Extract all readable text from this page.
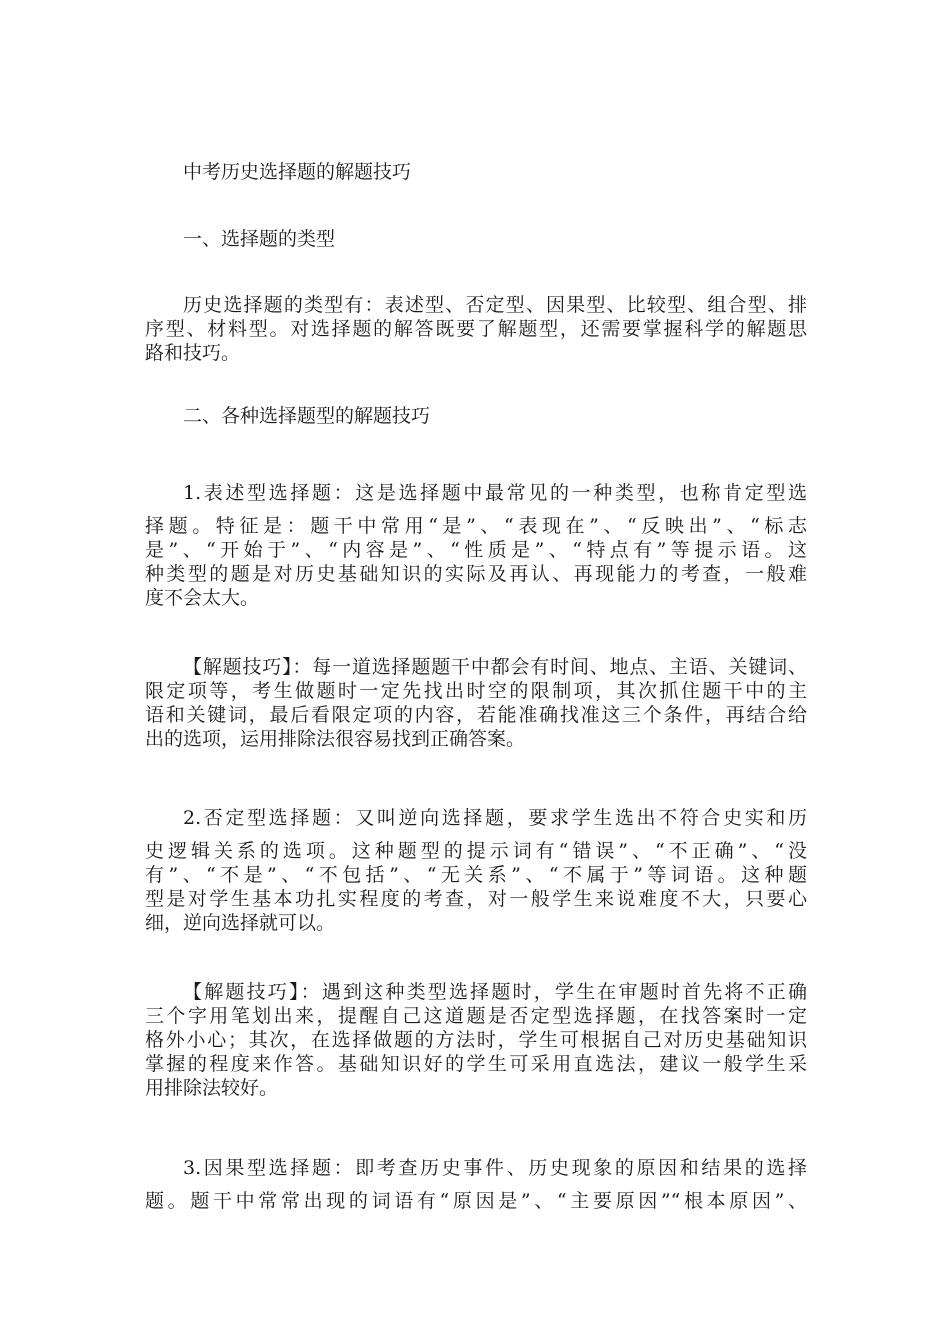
中考历史选择题的解题技巧
一、选择题的类型
历史选择题的类型有：表述型、否定型、因果型、比较型、组合型、排
序型、材料型。对选择题的解答既要了解题型，还需要掌握科学的解题思
路和技巧。
二、各种选择题型的解题技巧
1.表述型选择题：这是选择题中最常见的一种类型，也称肯定型选
择题。特征是：题干中常用“是”、“表现在”、“反映出”、“标志
是”、“开始于”、“内容是”、“性质是”、“特点有”等提示语。这
种类型的题是对历史基础知识的实际及再认、再现能力的考查，一般难
度不会太大。
【解题技巧】：每一道选择题题干中都会有时间、地点、主语、关键词、
限定项等，考生做题时一定先找出时空的限制项，其次抓住题干中的主
语和关键词，最后看限定项的内容，若能准确找准这三个条件，再结合给
出的选项，运用排除法很容易找到正确答案。
2.否定型选择题：又叫逆向选择题，要求学生选出不符合史实和历
史逻辑关系的选项。这种题型的提示词有“错误”、“不正确”、“没
有”、“不是”、“不包括”、“无关系”、“不属于”等词语。这种题
型是对学生基本功扎实程度的考查，对一般学生来说难度不大，只要心
细，逆向选择就可以。
【解题技巧】：遇到这种类型选择题时，学生在审题时首先将不正确
三个字用笔划出来，提醒自己这道题是否定型选择题，在找答案时一定
格外小心；其次，在选择做题的方法时，学生可根据自己对历史基础知识
掌握的程度来作答。基础知识好的学生可采用直选法，建议一般学生采
用排除法较好。
3.因果型选择题：即考查历史事件、历史现象的原因和结果的选择
题。题干中常常出现的词语有“原因是”、“主要原因”“根本原因”、
